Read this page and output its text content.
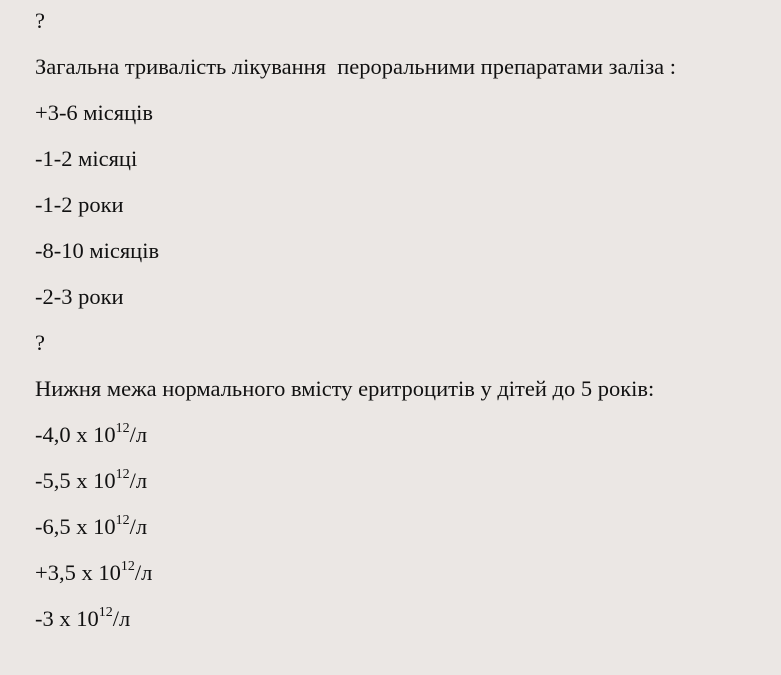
?
Загальна тривалість лікування  пероральними препаратами заліза :
+3-6 місяців
-1-2 місяці
-1-2 роки
-8-10 місяців
-2-3 роки
?
Нижня межа нормального вмісту еритроцитів у дітей до 5 років:
-4,0 х $10^{12}/л$
-5,5 х $10^{12}/л$
-6,5 х $10^{12}/л$
+3,5 х $10^{12}/л$
-3 х $10^{12}/л$
